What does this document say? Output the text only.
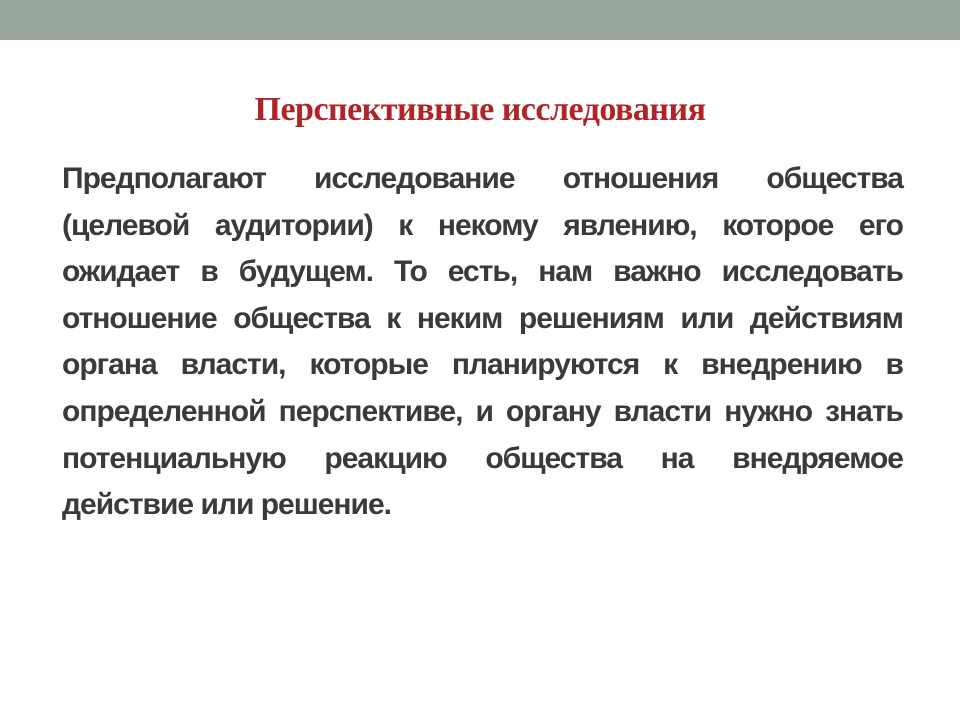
Перспективные исследования
Предполагают исследование отношения общества (целевой аудитории) к некому явлению, которое его ожидает в будущем. То есть, нам важно исследовать отношение общества к неким решениям или действиям органа власти, которые планируются к внедрению в определенной перспективе, и органу власти нужно знать потенциальную реакцию общества на внедряемое действие или решение.
